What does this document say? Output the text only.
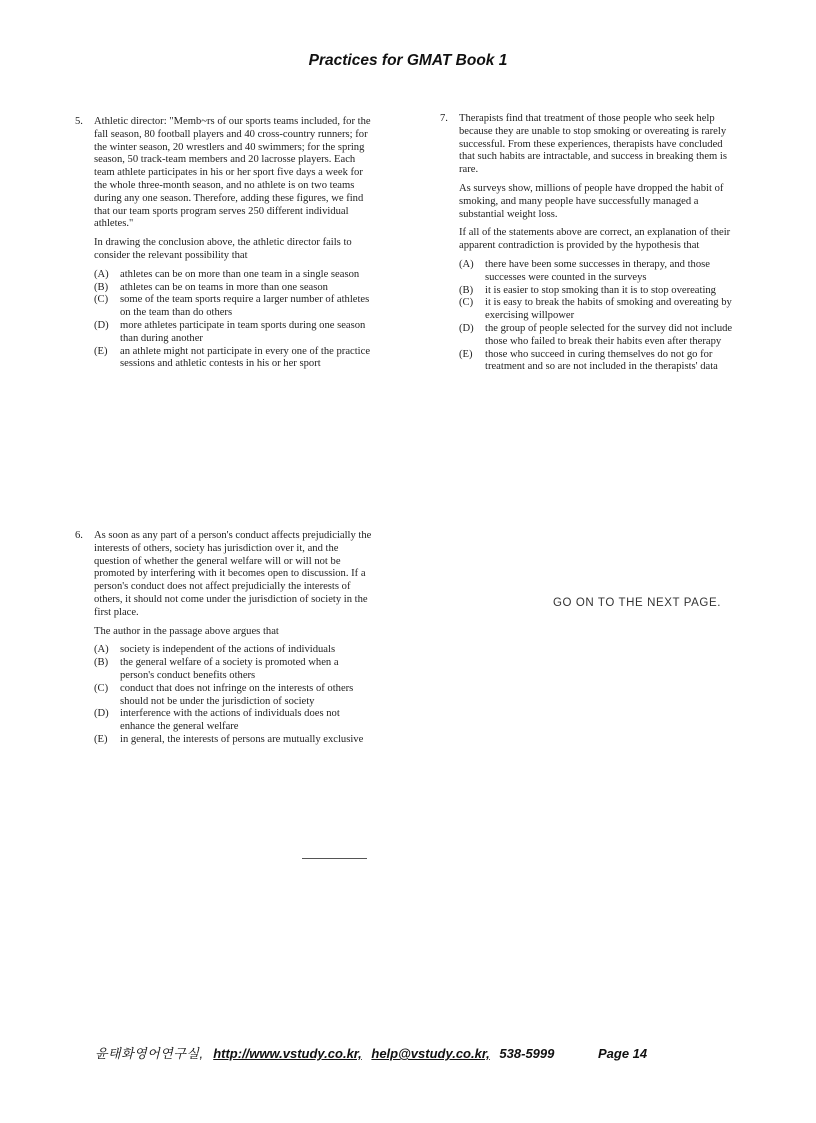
Practices for GMAT Book 1
5. Athletic director: "Memb~rs of our sports teams included, for the fall season, 80 football players and 40 cross-country runners; for the winter season, 20 wrestlers and 40 swimmers; for the spring season, 50 track-team members and 20 lacrosse players. Each team athlete participates in his or her sport five days a week for the whole three-month season, and no athlete is on two teams during any one season. Therefore, adding these figures, we find that our team sports program serves 250 different individual athletes."

In drawing the conclusion above, the athletic director fails to consider the relevant possibility that

(A) athletes can be on more than one team in a single season
(B) athletes can be on teams in more than one season
(C) some of the team sports require a larger number of athletes on the team than do others
(D) more athletes participate in team sports during one season than during another
(E) an athlete might not participate in every one of the practice sessions and athletic contests in his or her sport
6. As soon as any part of a person's conduct affects prejudicially the interests of others, society has jurisdiction over it, and the question of whether the general welfare will or will not be promoted by interfering with it becomes open to discussion. If a person's conduct does not affect prejudicially the interests of others, it should not come under the jurisdiction of society in the first place.

The author in the passage above argues that

(A) society is independent of the actions of individuals
(B) the general welfare of a society is promoted when a person's conduct benefits others
(C) conduct that does not infringe on the interests of others should not be under the jurisdiction of society
(D) interference with the actions of individuals does not enhance the general welfare
(E) in general, the interests of persons are mutually exclusive
7. Therapists find that treatment of those people who seek help because they are unable to stop smoking or overeating is rarely successful. From these experiences, therapists have concluded that such habits are intractable, and success in breaking them is rare.

As surveys show, millions of people have dropped the habit of smoking, and many people have successfully managed a substantial weight loss.

If all of the statements above are correct, an explanation of their apparent contradiction is provided by the hypothesis that

(A) there have been some successes in therapy, and those successes were counted in the surveys
(B) it is easier to stop smoking than it is to stop overeating
(C) it is easy to break the habits of smoking and overeating by exercising willpower
(D) the group of people selected for the survey did not include those who failed to break their habits even after therapy
(E) those who succeed in curing themselves do not go for treatment and so are not included in the therapists' data
GO ON TO THE NEXT PAGE.
윤태화영어연구실, http://www.vstudy.co.kr, help@vstudy.co.kr, 538-5999	Page 14
